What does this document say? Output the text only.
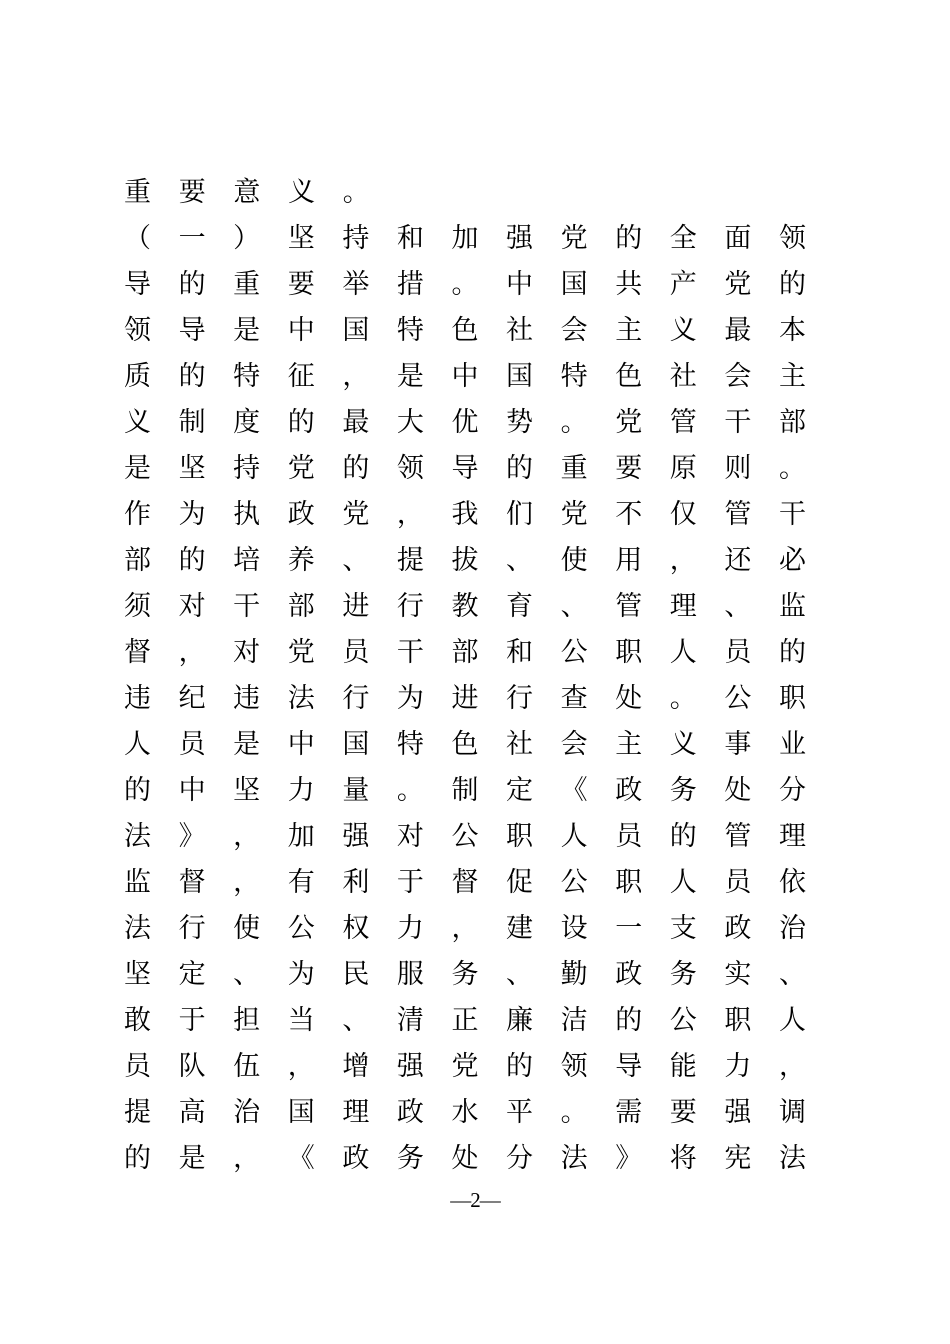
重 要 意 义 。
（ 一 ） 坚 持 和 加 强 党 的 全 面 领
导 的 重 要 举 措 。 中 国 共 产 党 的
领 导 是 中 国 特 色 社 会 主 义 最 本
质 的 特 征 ， 是 中 国 特 色 社 会 主
义 制 度 的 最 大 优 势 。 党 管 干 部
是 坚 持 党 的 领 导 的 重 要 原 则 。
作 为 执 政 党 ， 我 们 党 不 仅 管 干
部 的 培 养 、 提 拔 、 使 用 ， 还 必
须 对 干 部 进 行 教 育 、 管 理 、 监
督 ， 对 党 员 干 部 和 公 职 人 员 的
违 纪 违 法 行 为 进 行 查 处 。 公 职
人 员 是 中 国 特 色 社 会 主 义 事 业
的 中 坚 力 量 。 制 定 《 政 务 处 分
法 》 ， 加 强 对 公 职 人 员 的 管 理
监 督 ， 有 利 于 督 促 公 职 人 员 依
法 行 使 公 权 力 ， 建 设 一 支 政 治
坚 定 、 为 民 服 务 、 勤 政 务 实 、
敢 于 担 当 、 清 正 廉 洁 的 公 职 人
员 队 伍 ， 增 强 党 的 领 导 能 力 ，
提 高 治 国 理 政 水 平 。 需 要 强 调
的 是 ， 《 政 务 处 分 法 》 将 宪 法
—2—
